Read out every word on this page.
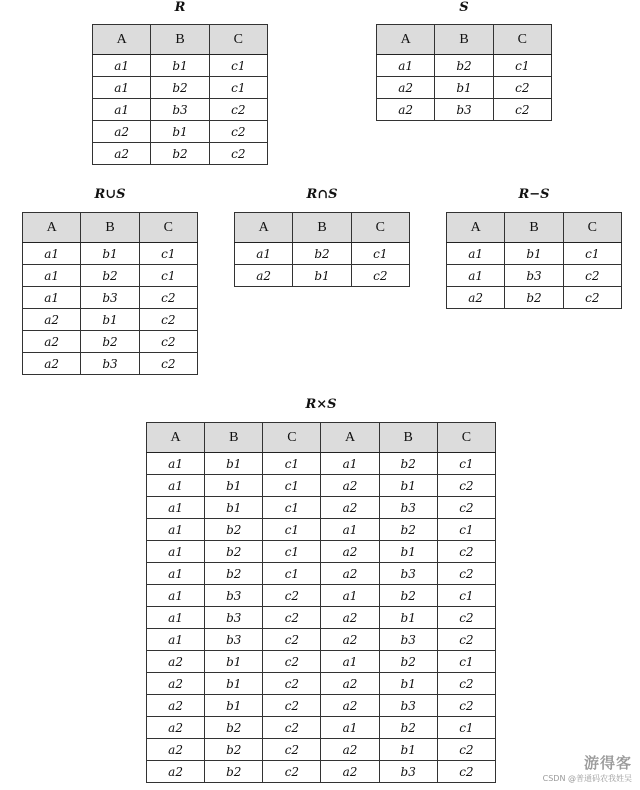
R
A	B	C
a1	b1	c1
a1	b2	c1
a1	b3	c2
a2	b1	c2
a2	b2	c2
S
A	B	C
a1	b2	c1
a2	b1	c2
a2	b3	c2
R∪S
A	B	C
a1	b1	c1
a1	b2	c1
a1	b3	c2
a2	b1	c2
a2	b2	c2
a2	b3	c2
R∩S
A	B	C
a1	b2	c1
a2	b1	c2
R−S
A	B	C
a1	b1	c1
a1	b3	c2
a2	b2	c2
R×S
A	B	C	A	B	C
a1	b1	c1	a1	b2	c1
a1	b1	c1	a2	b1	c2
a1	b1	c1	a2	b3	c2
a1	b2	c1	a1	b2	c1
a1	b2	c1	a2	b1	c2
a1	b2	c1	a2	b3	c2
a1	b3	c2	a1	b2	c1
a1	b3	c2	a2	b1	c2
a1	b3	c2	a2	b3	c2
a2	b1	c2	a1	b2	c1
a2	b1	c2	a2	b1	c2
a2	b1	c2	a2	b3	c2
a2	b2	c2	a1	b2	c1
a2	b2	c2	a2	b1	c2
a2	b2	c2	a2	b3	c2	游得客
CSDN @普通码农我姓吴
